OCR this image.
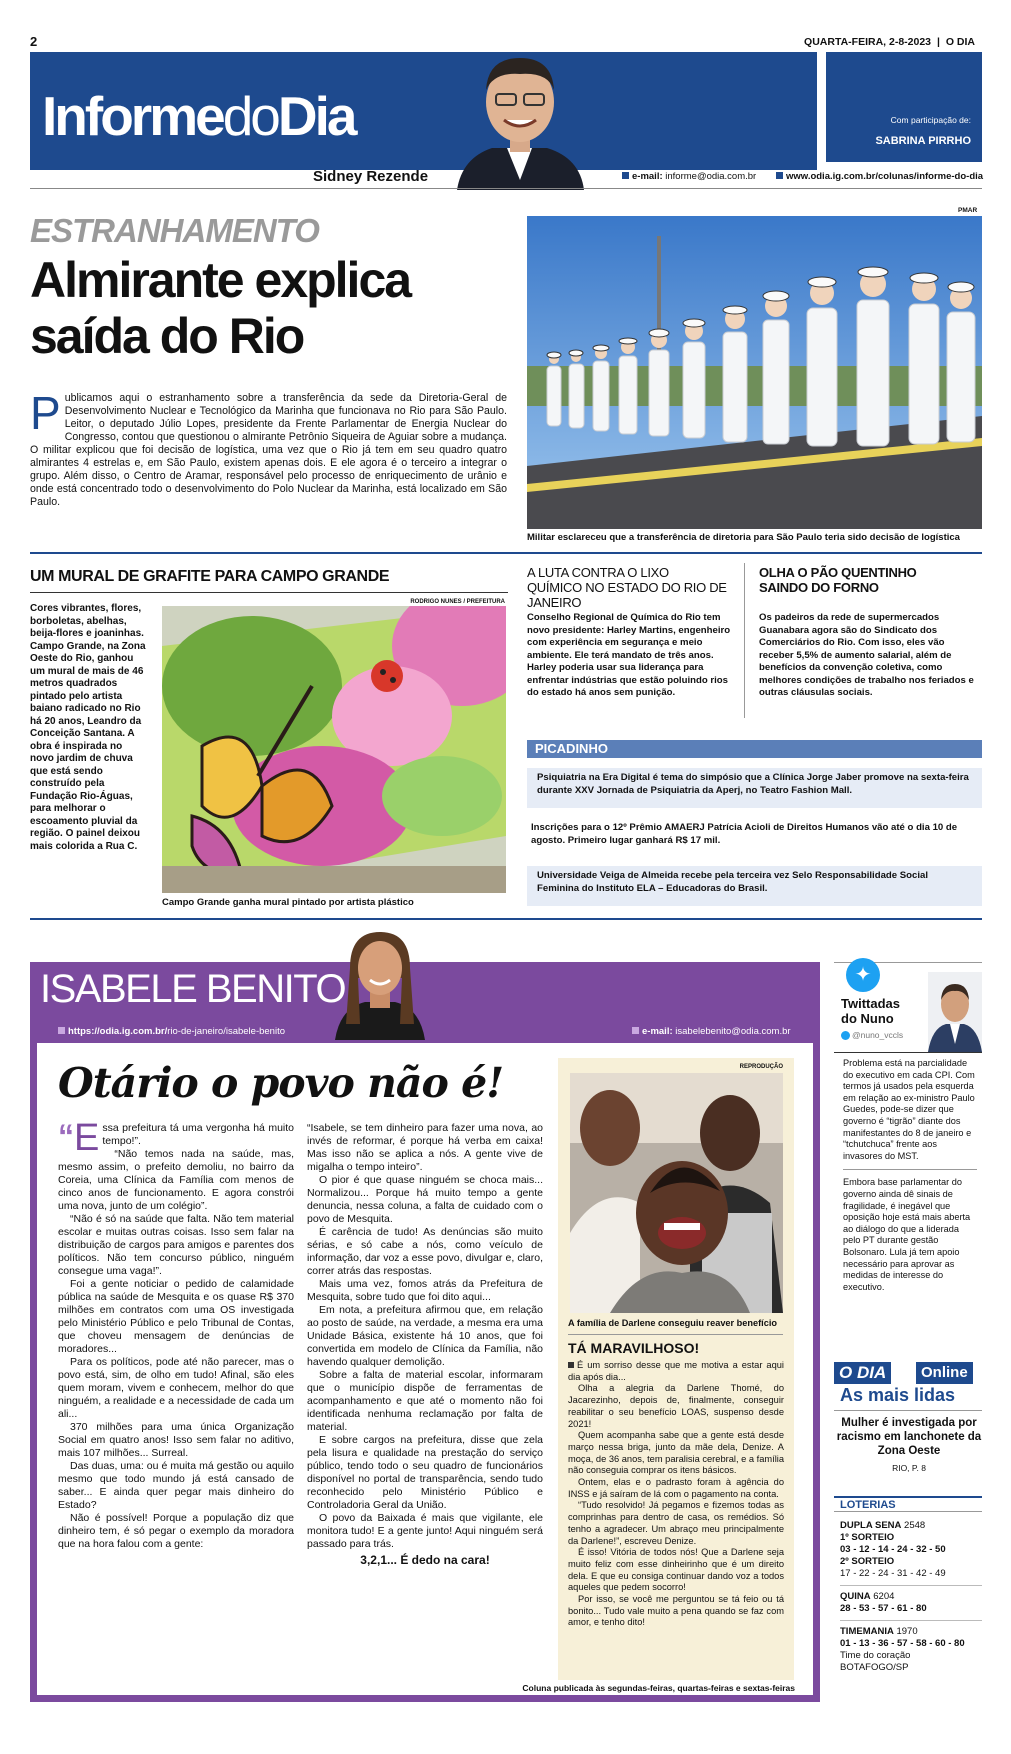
2	QUARTA-FEIRA, 2-8-2023 | O DIA
InformedoDia
Sidney Rezende
Com participação de:
SABRINA PIRRHO
e-mail: informe@odia.com.br	www.odia.ig.com.br/colunas/informe-do-dia
ESTRANHAMENTO
Almirante explica
saída do Rio

Publicamos aqui o estranhamento sobre a transferência da sede da Diretoria-Geral de Desenvolvimento Nuclear e Tecnológico da Marinha que funcionava no Rio para São Paulo. Leitor, o deputado Júlio Lopes, presidente da Frente Parlamentar de Energia Nuclear do Congresso, contou que questionou o almirante Petrônio Siqueira de Aguiar sobre a mudança. O militar explicou que foi decisão de logística, uma vez que o Rio já tem em seu quadro quatro almirantes 4 estrelas e, em São Paulo, existem apenas dois. E ele agora é o terceiro a integrar o grupo. Além disso, o Centro de Aramar, responsável pelo processo de enriquecimento de urânio e onde está concentrado todo o desenvolvimento do Polo Nuclear da Marinha, está localizado em São Paulo.

PMAR
Militar esclareceu que a transferência de diretoria para São Paulo teria sido decisão de logística
UM MURAL DE GRAFITE PARA CAMPO GRANDE

Cores vibrantes, flores, borboletas, abelhas, beija-flores e joaninhas. Campo Grande, na Zona Oeste do Rio, ganhou um mural de mais de 46 metros quadrados pintado pelo artista baiano radicado no Rio há 20 anos, Leandro da Conceição Santana. A obra é inspirada no novo jardim de chuva que está sendo construído pela Fundação Rio-Águas, para melhorar o escoamento pluvial da região. O painel deixou mais colorida a Rua C.

RODRIGO NUNES / PREFEITURA
Campo Grande ganha mural pintado por artista plástico
A LUTA CONTRA O LIXO QUÍMICO NO ESTADO DO RIO DE JANEIRO

Conselho Regional de Química do Rio tem novo presidente: Harley Martins, engenheiro com experiência em segurança e meio ambiente. Ele terá mandato de três anos. Harley poderia usar sua liderança para enfrentar indústrias que estão poluindo rios do estado há anos sem punição.

OLHA O PÃO QUENTINHO SAINDO DO FORNO

Os padeiros da rede de supermercados Guanabara agora são do Sindicato dos Comerciários do Rio. Com isso, eles vão receber 5,5% de aumento salarial, além de benefícios da convenção coletiva, como melhores condições de trabalho nos feriados e outras cláusulas sociais.

PICADINHO

Psiquiatria na Era Digital é tema do simpósio que a Clínica Jorge Jaber promove na sexta-feira durante XXV Jornada de Psiquiatria da Aperj, no Teatro Fashion Mall.

Inscrições para o 12º Prêmio AMAERJ Patrícia Acioli de Direitos Humanos vão até o dia 10 de agosto. Primeiro lugar ganhará R$ 17 mil.

Universidade Veiga de Almeida recebe pela terceira vez Selo Responsabilidade Social Feminina do Instituto ELA – Educadoras do Brasil.

ISABELE BENITO
https://odia.ig.com.br/rio-de-janeiro/isabele-benito	e-mail: isabelebenito@odia.com.br
Otário o povo não é!

“ E ssa prefeitura tá uma vergonha há muito tempo!”.

“Não temos nada na saúde, mas, mesmo assim, o prefeito demoliu, no bairro da Coreia, uma Clínica da Família com menos de cinco anos de funcionamento. E agora constrói uma nova, junto de um colégio”.

“Não é só na saúde que falta. Não tem material escolar e muitas outras coisas. Isso sem falar na distribuição de cargos para amigos e parentes dos políticos. Não tem concurso público, ninguém consegue uma vaga!”.

Foi a gente noticiar o pedido de calamidade pública na saúde de Mesquita e os quase R$ 370 milhões em contratos com uma OS investigada pelo Ministério Público e pelo Tribunal de Contas, que choveu mensagem de denúncias de moradores...

Para os políticos, pode até não parecer, mas o povo está, sim, de olho em tudo! Afinal, são eles quem moram, vivem e conhecem, melhor do que ninguém, a realidade e a necessidade de cada um ali...

370 milhões para uma única Organização Social em quatro anos! Isso sem falar no aditivo, mais 107 milhões... Surreal.

Das duas, uma: ou é muita má gestão ou aquilo mesmo que todo mundo já está cansado de saber... E ainda quer pegar mais dinheiro do Estado?

Não é possível! Porque a população diz que dinheiro tem, é só pegar o exemplo da moradora que na hora falou com a gente:

“Isabele, se tem dinheiro para fazer uma nova, ao invés de reformar, é porque há verba em caixa! Mas isso não se aplica a nós. A gente vive de migalha o tempo inteiro”.

O pior é que quase ninguém se choca mais... Normalizou... Porque há muito tempo a gente denuncia, nessa coluna, a falta de cuidado com o povo de Mesquita.

É carência de tudo! As denúncias são muito sérias, e só cabe a nós, como veículo de informação, dar voz a esse povo, divulgar e, claro, correr atrás das respostas.

Mais uma vez, fomos atrás da Prefeitura de Mesquita, sobre tudo que foi dito aqui...

Em nota, a prefeitura afirmou que, em relação ao posto de saúde, na verdade, a mesma era uma Unidade Básica, existente há 10 anos, que foi convertida em modelo de Clínica da Família, não havendo qualquer demolição.

Sobre a falta de material escolar, informaram que o município dispõe de ferramentas de acompanhamento e que até o momento não foi identificada nenhuma reclamação por falta de material.

E sobre cargos na prefeitura, disse que zela pela lisura e qualidade na prestação do serviço público, tendo todo o seu quadro de funcionários disponível no portal de transparência, sendo tudo reconhecido pelo Ministério Público e Controladoria Geral da União.

O povo da Baixada é mais que vigilante, ele monitora tudo! E a gente junto! Aqui ninguém será passado para trás.

3,2,1... É dedo na cara!

REPRODUÇÃO
A família de Darlene conseguiu reaver benefício
TÁ MARAVILHOSO!

É um sorriso desse que me motiva a estar aqui dia após dia...

Olha a alegria da Darlene Thomé, do Jacarezinho, depois de, finalmente, conseguir reabilitar o seu benefício LOAS, suspenso desde 2021!

Quem acompanha sabe que a gente está desde março nessa briga, junto da mãe dela, Denize. A moça, de 36 anos, tem paralisia cerebral, e a família não conseguia comprar os itens básicos.

Ontem, elas e o padrasto foram à agência do INSS e já saíram de lá com o pagamento na conta.

“Tudo resolvido! Já pegamos e fizemos todas as comprinhas para dentro de casa, os remédios. Só tenho a agradecer. Um abraço meu principalmente da Darlene!”, escreveu Denize.

É isso! Vitória de todos nós! Que a Darlene seja muito feliz com esse dinheirinho que é um direito dela. E que eu consiga continuar dando voz a todos aqueles que pedem socorro!

Por isso, se você me perguntou se tá feio ou tá bonito... Tudo vale muito a pena quando se faz com amor, e tenho dito!

Coluna publicada às segundas-feiras, quartas-feiras e sextas-feiras
✦
Twittadas do Nuno
@nuno_vccls

Problema está na parcialidade do executivo em cada CPI. Com termos já usados pela esquerda em relação ao ex-ministro Paulo Guedes, pode-se dizer que governo é “tigrão” diante dos manifestantes do 8 de janeiro e “tchutchuca” frente aos invasores do MST.

Embora base parlamentar do governo ainda dê sinais de fragilidade, é inegável que oposição hoje está mais aberta ao diálogo do que a liderada pelo PT durante gestão Bolsonaro. Lula já tem apoio necessário para aprovar as medidas de interesse do executivo.

O DIA	Online
As mais lidas
Mulher é investigada por racismo em lanchonete da Zona Oeste
RIO, P. 8
LOTERIAS
DUPLA SENA 2548
1º SORTEIO
03 - 12 - 14 - 24 - 32 - 50
2º SORTEIO
17 - 22 - 24 - 31 - 42 - 49
QUINA 6204
28 - 53 - 57 - 61 - 80
TIMEMANIA 1970
01 - 13 - 36 - 57 - 58 - 60 - 80
Time do coração
BOTAFOGO/SP
